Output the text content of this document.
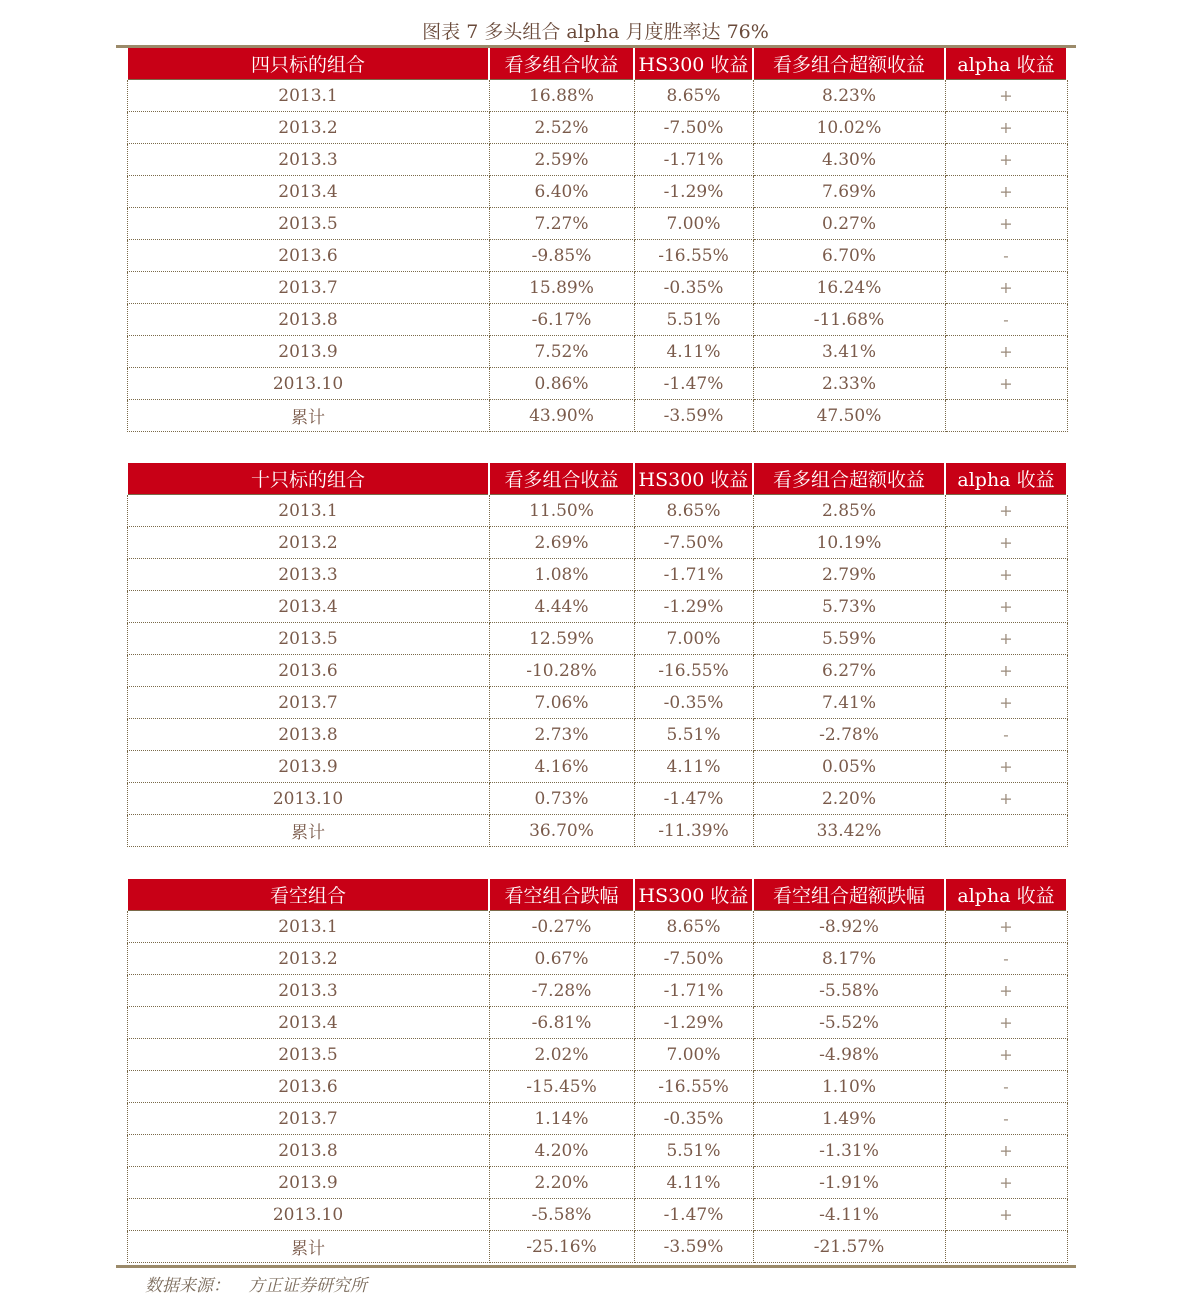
图表 7 多头组合 alpha 月度胜率达 76%
四只标的组合	看多组合收益	HS300 收益	看多组合超额收益	alpha 收益
2013.1	16.88%	8.65%	8.23%	+
2013.2	2.52%	-7.50%	10.02%	+
2013.3	2.59%	-1.71%	4.30%	+
2013.4	6.40%	-1.29%	7.69%	+
2013.5	7.27%	7.00%	0.27%	+
2013.6	-9.85%	-16.55%	6.70%	-
2013.7	15.89%	-0.35%	16.24%	+
2013.8	-6.17%	5.51%	-11.68%	-
2013.9	7.52%	4.11%	3.41%	+
2013.10	0.86%	-1.47%	2.33%	+
累计	43.90%	-3.59%	47.50%	
十只标的组合	看多组合收益	HS300 收益	看多组合超额收益	alpha 收益
2013.1	11.50%	8.65%	2.85%	+
2013.2	2.69%	-7.50%	10.19%	+
2013.3	1.08%	-1.71%	2.79%	+
2013.4	4.44%	-1.29%	5.73%	+
2013.5	12.59%	7.00%	5.59%	+
2013.6	-10.28%	-16.55%	6.27%	+
2013.7	7.06%	-0.35%	7.41%	+
2013.8	2.73%	5.51%	-2.78%	-
2013.9	4.16%	4.11%	0.05%	+
2013.10	0.73%	-1.47%	2.20%	+
累计	36.70%	-11.39%	33.42%	
看空组合	看空组合跌幅	HS300 收益	看空组合超额跌幅	alpha 收益
2013.1	-0.27%	8.65%	-8.92%	+
2013.2	0.67%	-7.50%	8.17%	-
2013.3	-7.28%	-1.71%	-5.58%	+
2013.4	-6.81%	-1.29%	-5.52%	+
2013.5	2.02%	7.00%	-4.98%	+
2013.6	-15.45%	-16.55%	1.10%	-
2013.7	1.14%	-0.35%	1.49%	-
2013.8	4.20%	5.51%	-1.31%	+
2013.9	2.20%	4.11%	-1.91%	+
2013.10	-5.58%	-1.47%	-4.11%	+
累计	-25.16%	-3.59%	-21.57%	
数据来源： 方正证券研究所
